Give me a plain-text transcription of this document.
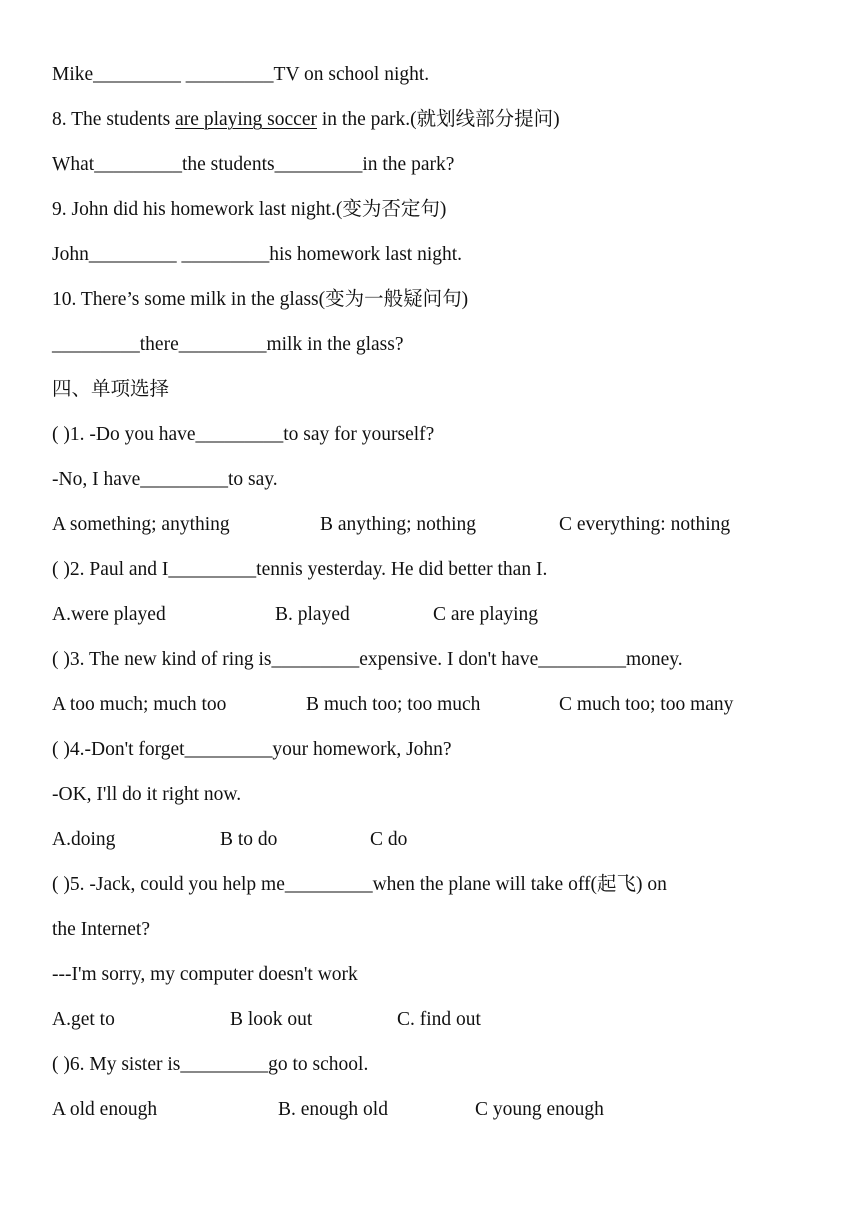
Mike_________ _________TV on school night.
8. The students are playing soccer in the park.(就划线部分提问)
What_________the students_________in the park?
9. John did his homework last night.(变为否定句)
John_________ _________his homework last night.
10. There’s some milk in the glass(变为一般疑问句)
_________there_________milk in the glass?
四、单项选择
( )1. -Do you have_________to say for yourself?
-No, I have_________to say.
A something; anything	B anything; nothing	C everything: nothing
( )2. Paul and I_________tennis yesterday. He did better than I.
A.were played	B. played	C are playing
( )3. The new kind of ring is_________expensive. I don't have_________money.
A too much; much too	B much too; too much	C much too; too many
( )4.-Don't forget_________your homework, John?
-OK, I'll do it right now.
A.doing	B to do	C do
( )5. -Jack, could you help me_________when the plane will take off(起飞) on
the Internet?
---I'm sorry, my computer doesn't work
A.get to	B look out	C. find out
( )6. My sister is_________go to school.
A old enough	B. enough old	C young enough
